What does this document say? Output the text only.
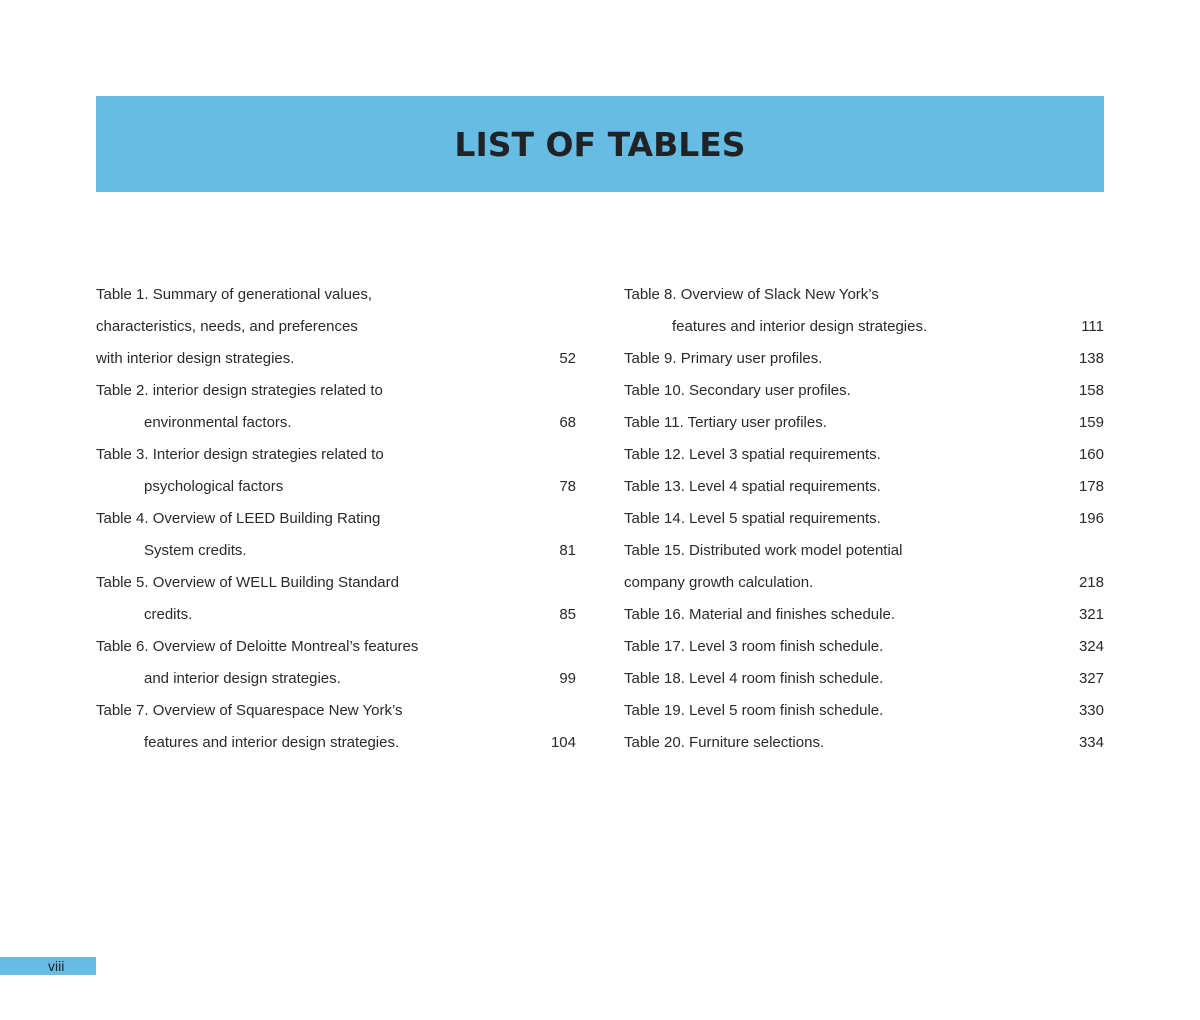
LIST OF TABLES
Table 1. Summary of generational values,
characteristics, needs, and preferences
with interior design strategies.	52
Table 2. interior design strategies related to
environmental factors.	68
Table 3. Interior design strategies related to
psychological factors	78
Table 4. Overview of LEED Building Rating
System credits.	81
Table 5. Overview of WELL Building Standard
credits.	85
Table 6. Overview of Deloitte Montreal’s features
and interior design strategies.	99
Table 7. Overview of Squarespace New York’s
features and interior design strategies.	104
Table 8. Overview of Slack New York’s
features and interior design strategies.	111
Table 9. Primary user profiles.	138
Table 10. Secondary user profiles.	158
Table 11. Tertiary user profiles.	159
Table 12. Level 3 spatial requirements.	160
Table 13. Level 4 spatial requirements.	178
Table 14. Level 5 spatial requirements.	196
Table 15. Distributed work model potential
company growth calculation.	218
Table 16. Material and finishes schedule.	321
Table 17. Level 3 room finish schedule.	324
Table 18. Level 4 room finish schedule.	327
Table 19. Level 5 room finish schedule.	330
Table 20. Furniture selections.	334
viii
